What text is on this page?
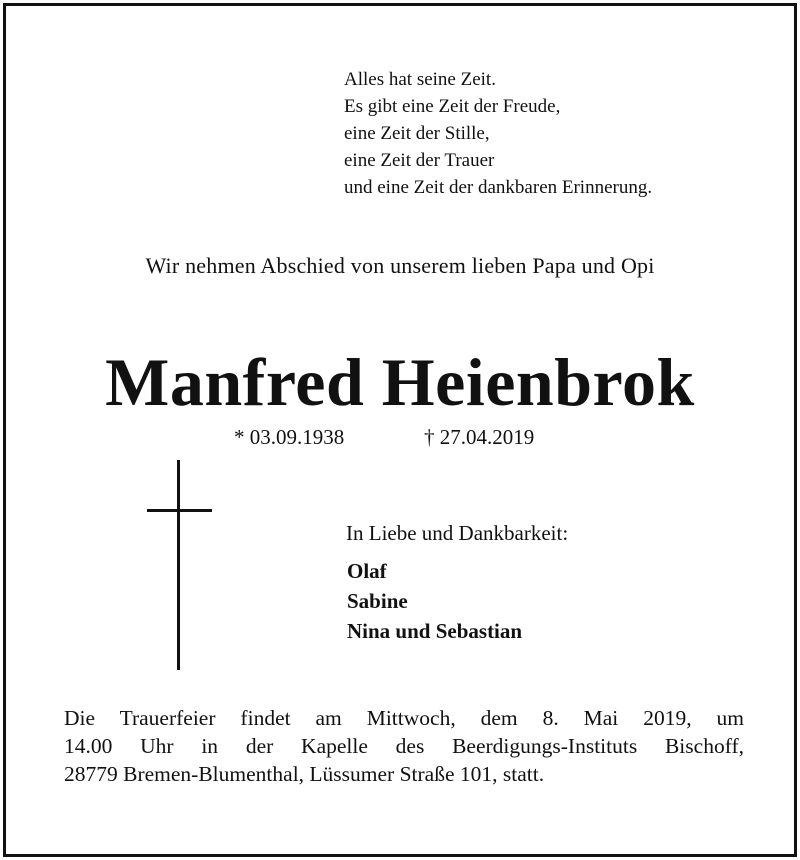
Alles hat seine Zeit.
Es gibt eine Zeit der Freude,
eine Zeit der Stille,
eine Zeit der Trauer
und eine Zeit der dankbaren Erinnerung.
Wir nehmen Abschied von unserem lieben Papa und Opi
Manfred Heienbrok
* 03.09.1938	† 27.04.2019
In Liebe und Dankbarkeit:
Olaf
Sabine
Nina und Sebastian
Die Trauerfeier findet am Mittwoch, dem 8. Mai 2019, um
14.00 Uhr in der Kapelle des Beerdigungs-Instituts Bischoff,
28779 Bremen-Blumenthal, Lüssumer Straße 101, statt.
